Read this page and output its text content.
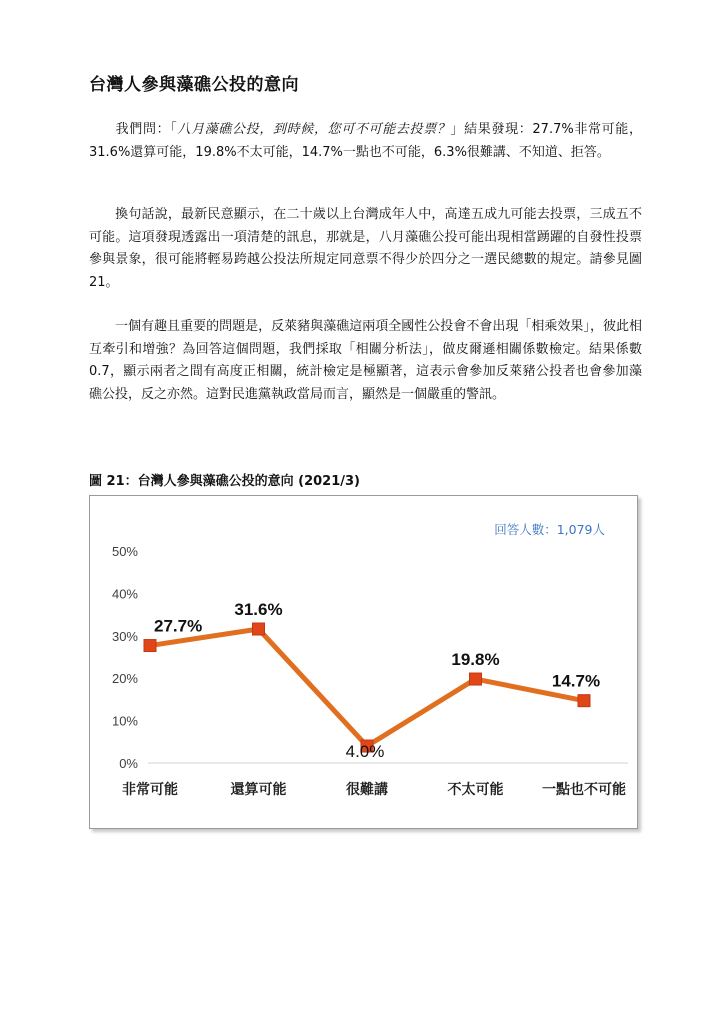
台灣人參與藻礁公投的意向

我們問：「八月藻礁公投，到時候，您可不可能去投票？」結果發現：27.7%非常可能，31.6%還算可能，19.8%不太可能，14.7%一點也不可能，6.3%很難講、不知道、拒答。

換句話說，最新民意顯示，在二十歲以上台灣成年人中，高達五成九可能去投票，三成五不可能。這項發現透露出一項清楚的訊息，那就是，八月藻礁公投可能出現相當踴躍的自發性投票參與景象，很可能將輕易跨越公投法所規定同意票不得少於四分之一選民總數的規定。請參見圖 21。

一個有趣且重要的問題是，反萊豬與藻礁這兩項全國性公投會不會出現「相乘效果」，彼此相互牽引和增強？為回答這個問題，我們採取「相關分析法」，做皮爾遜相關係數檢定。結果係數 0.7，顯示兩者之間有高度正相關，統計檢定是極顯著，這表示會參加反萊豬公投者也會參加藻礁公投，反之亦然。這對民進黨執政當局而言，顯然是一個嚴重的警訊。

圖 21：台灣人參與藻礁公投的意向 (2021/3)

0%
10%
20%
30%
40%
50%
非常可能	還算可能	很難講	不太可能	一點也不可能
27.7%
31.6%
4.0%
19.8%
14.7%
回答人數：1,079人
